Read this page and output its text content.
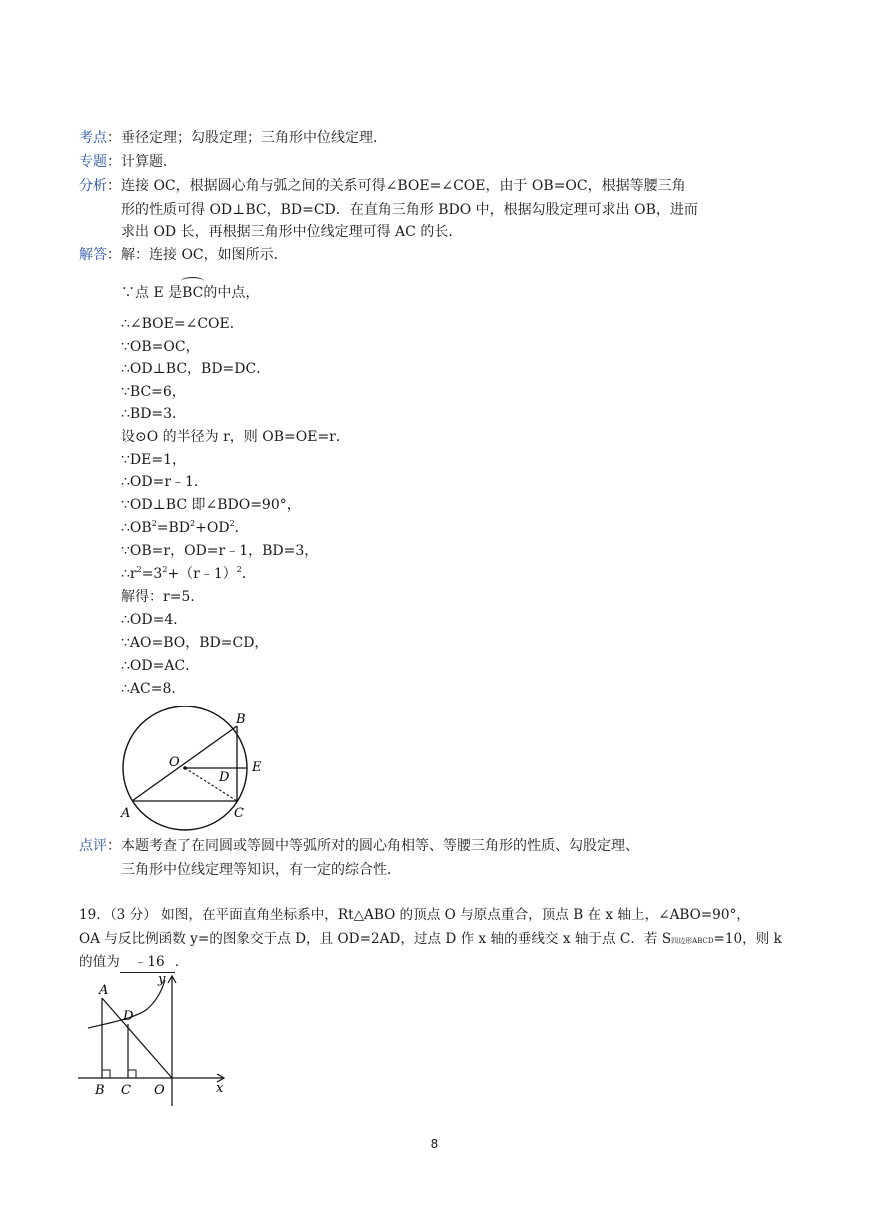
考点：垂径定理；勾股定理；三角形中位线定理．
专题：计算题．
分析：连接 OC，根据圆心角与弧之间的关系可得∠BOE=∠COE，由于 OB=OC，根据等腰三角
形的性质可得 OD⊥BC，BD=CD．在直角三角形 BDO 中，根据勾股定理可求出 OB，进而
求出 OD 长，再根据三角形中位线定理可得 AC 的长．
解答：解：连接 OC，如图所示．
∵点 E 是BC的中点，
∴∠BOE=∠COE．
∵OB=OC，
∴OD⊥BC，BD=DC．
∵BC=6，
∴BD=3．
设⊙O 的半径为 r，则 OB=OE=r．
∵DE=1，
∴OD=r﹣1．
∵OD⊥BC 即∠BDO=90°，
$\therefore OB^2=BD^2+OD^2$．
∵OB=r，OD=r﹣1，BD=3，
$\therefore r^2=3^2+(r﹣1)^2$．
解得：r=5．
∴OD=4．
∵AO=BO，BD=CD，
∴OD=AC．
∴AC=8．
B
O
D
E
A	C
点评：本题考查了在同圆或等圆中等弧所对的圆心角相等、等腰三角形的性质、勾股定理、
三角形中位线定理等知识，有一定的综合性．
19．（3 分） 如图，在平面直角坐标系中，Rt△ABO 的顶点 O 与原点重合，顶点 B 在 x 轴上，∠ABO=90°，
OA 与反比例函数 y=的图象交于点 D，且 OD=2AD，过点 D 作 x 轴的垂线交 x 轴于点 C．若 S四边形ABCD=10，则 k
的值为 ﹣16 ．
y
x
A
D
B C O
8
